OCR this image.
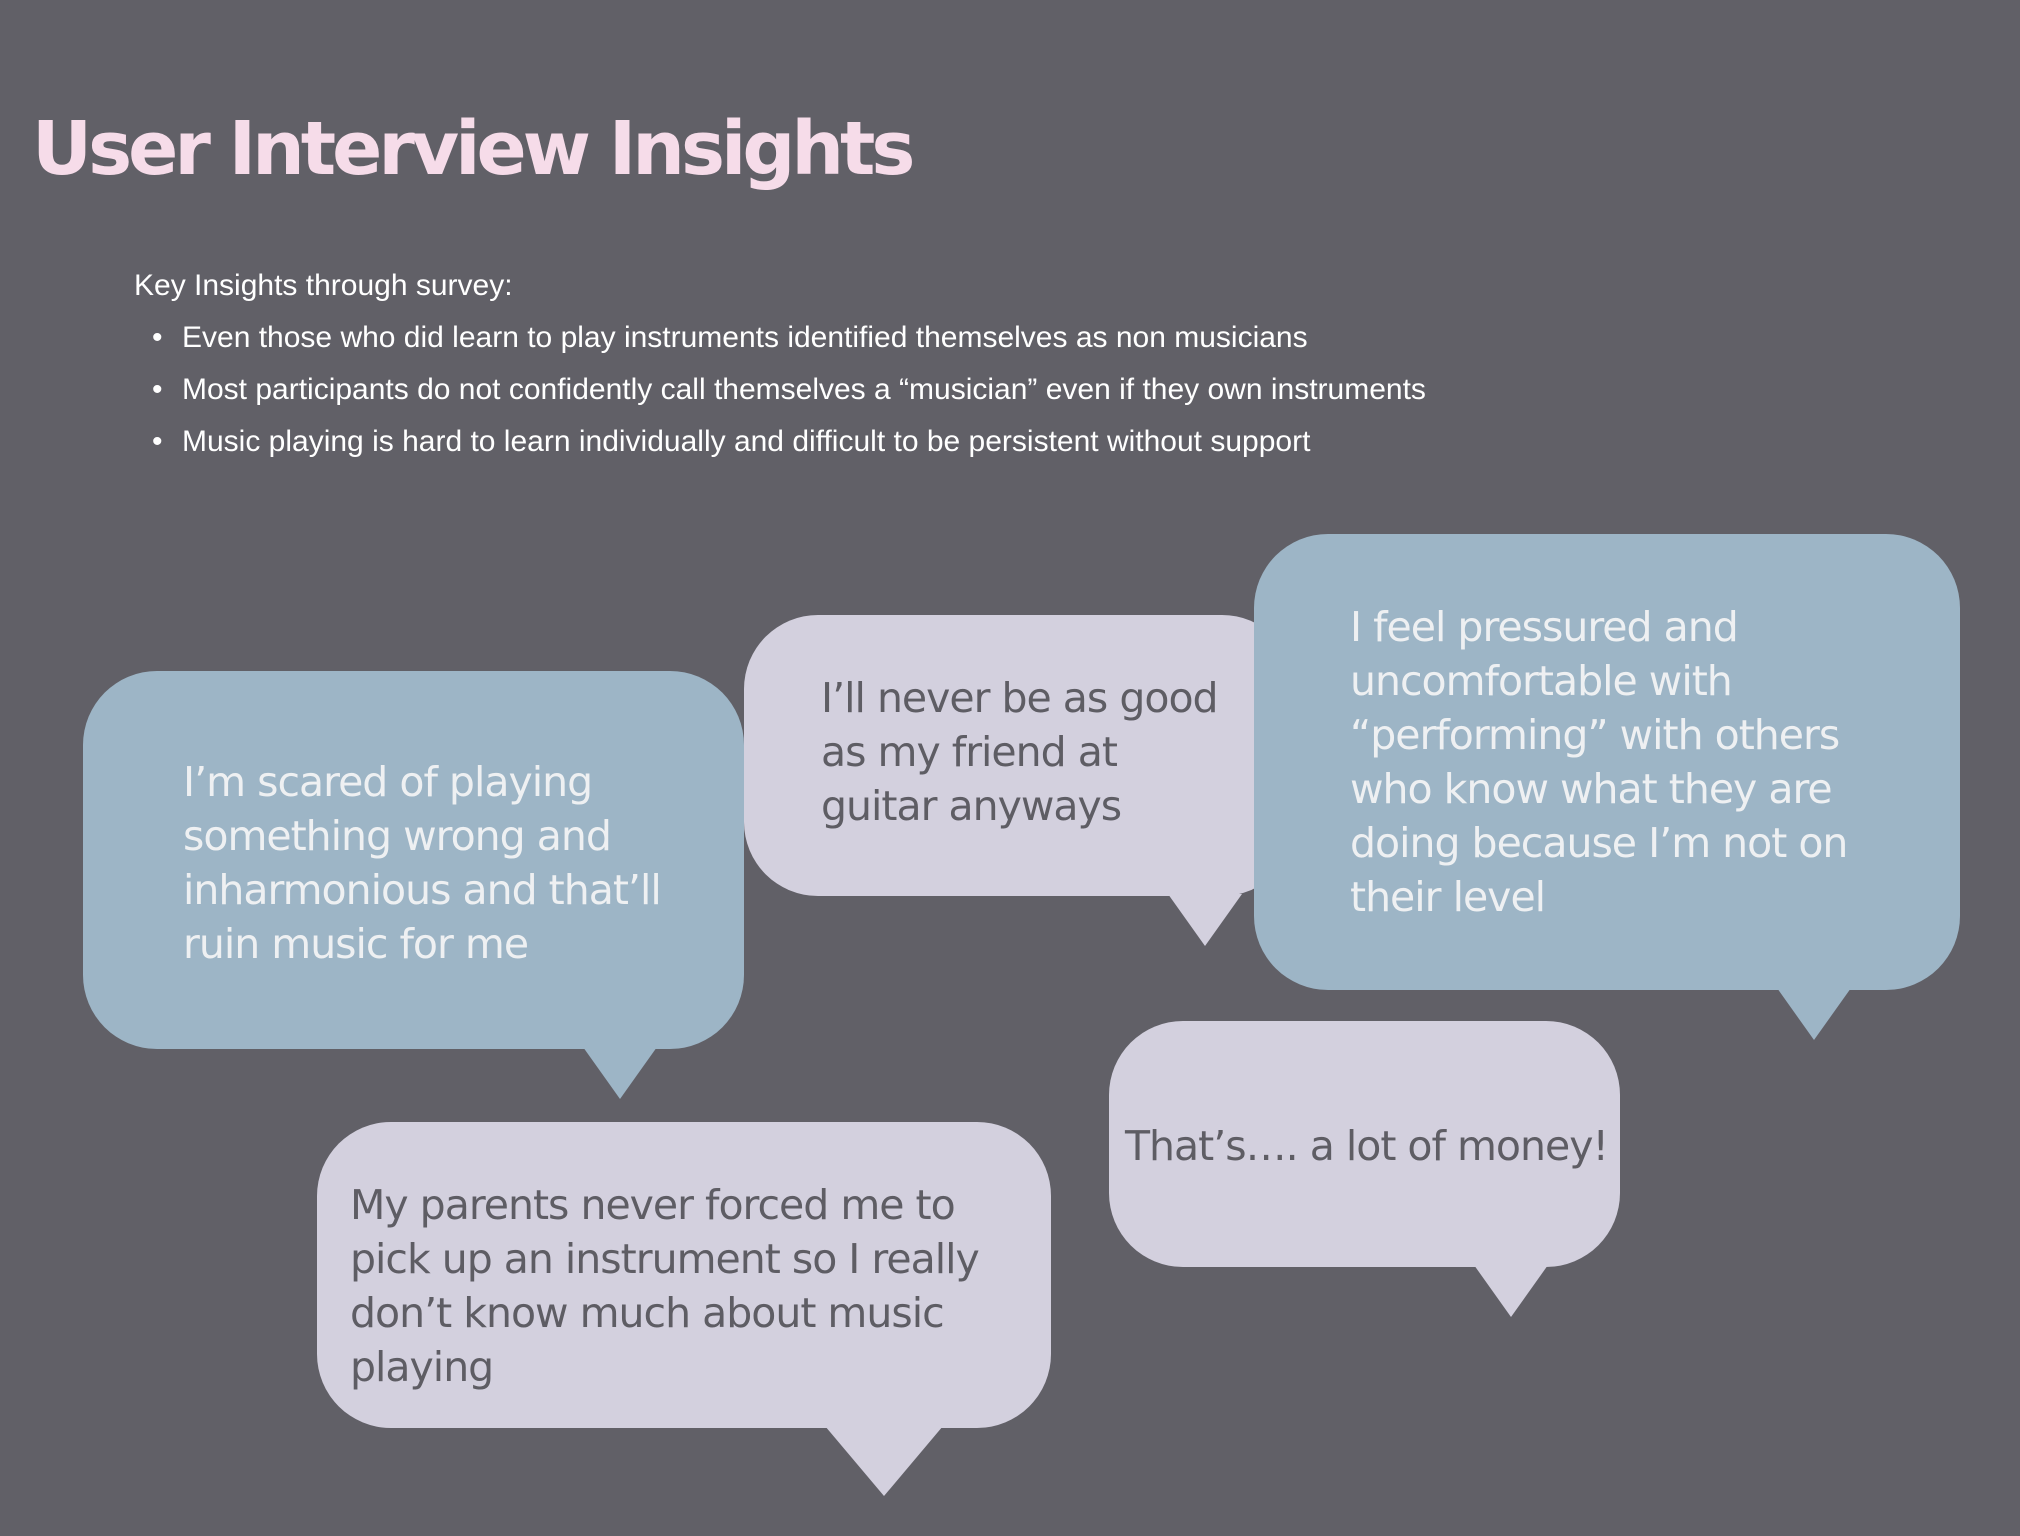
User Interview Insights

Key Insights through survey:

• Even those who did learn to play instruments identified themselves as non musicians
• Most participants do not confidently call themselves a “musician” even if they own instruments
• Music playing is hard to learn individually and difficult to be persistent without support

I’m scared of playing
something wrong and
inharmonious and that’ll
ruin music for me

I’ll never be as good
as my friend at
guitar anyways

I feel pressured and
uncomfortable with
“performing” with others
who know what they are
doing because I’m not on
their level

That’s…. a lot of money!

My parents never forced me to
pick up an instrument so I really
don’t know much about music
playing
